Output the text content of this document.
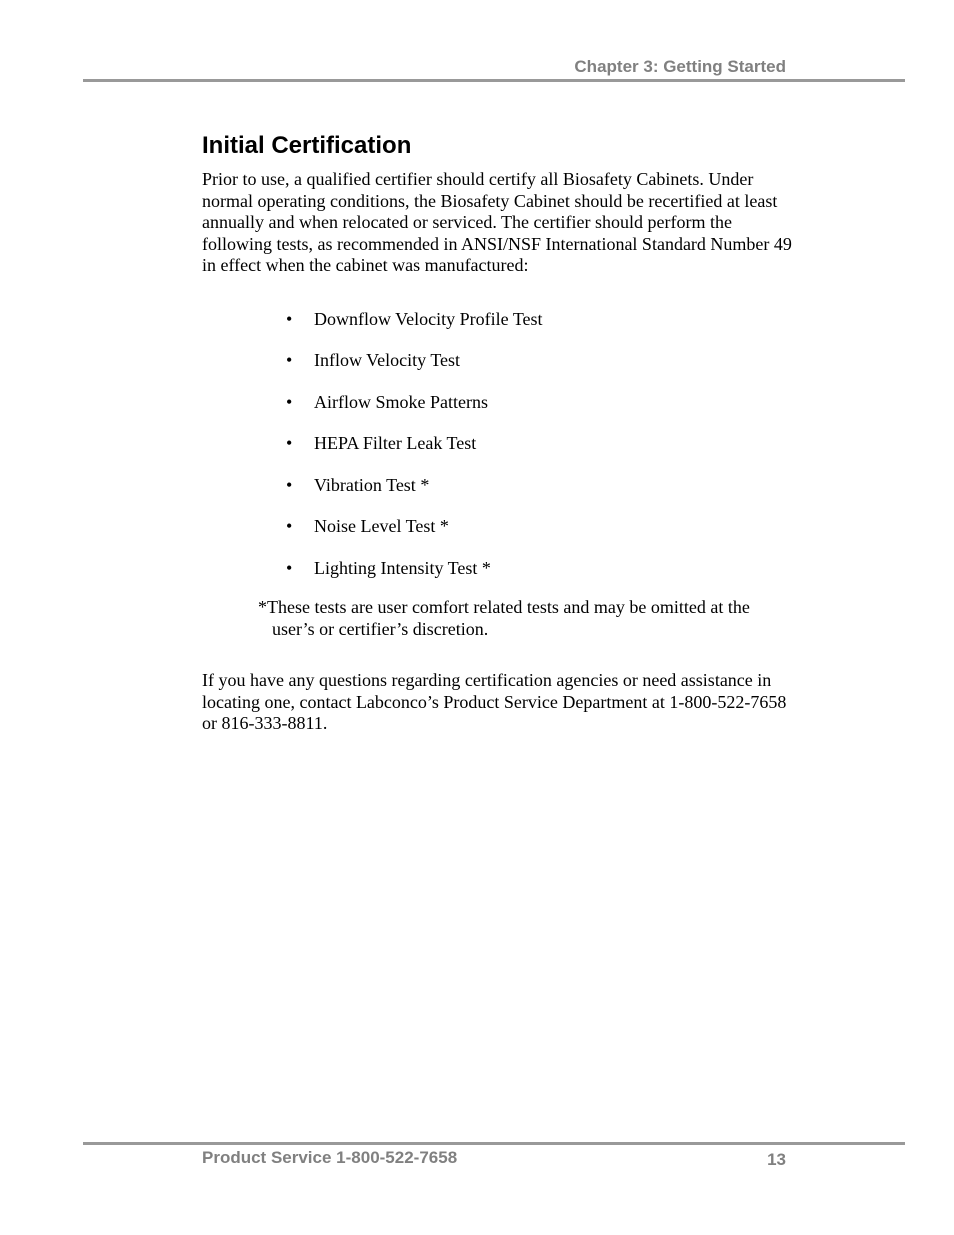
Chapter 3: Getting Started
Initial Certification

Prior to use, a qualified certifier should certify all Biosafety Cabinets. Under normal operating conditions, the Biosafety Cabinet should be recertified at least annually and when relocated or serviced. The certifier should perform the following tests, as recommended in ANSI/NSF International Standard Number 49 in effect when the cabinet was manufactured:

• Downflow Velocity Profile Test
• Inflow Velocity Test
• Airflow Smoke Patterns
• HEPA Filter Leak Test
• Vibration Test *
• Noise Level Test *
• Lighting Intensity Test *

*These tests are user comfort related tests and may be omitted at the user’s or certifier’s discretion.

If you have any questions regarding certification agencies or need assistance in locating one, contact Labconco’s Product Service Department at 1-800-522-7658 or 816-333-8811.

Product Service 1-800-522-7658	13
